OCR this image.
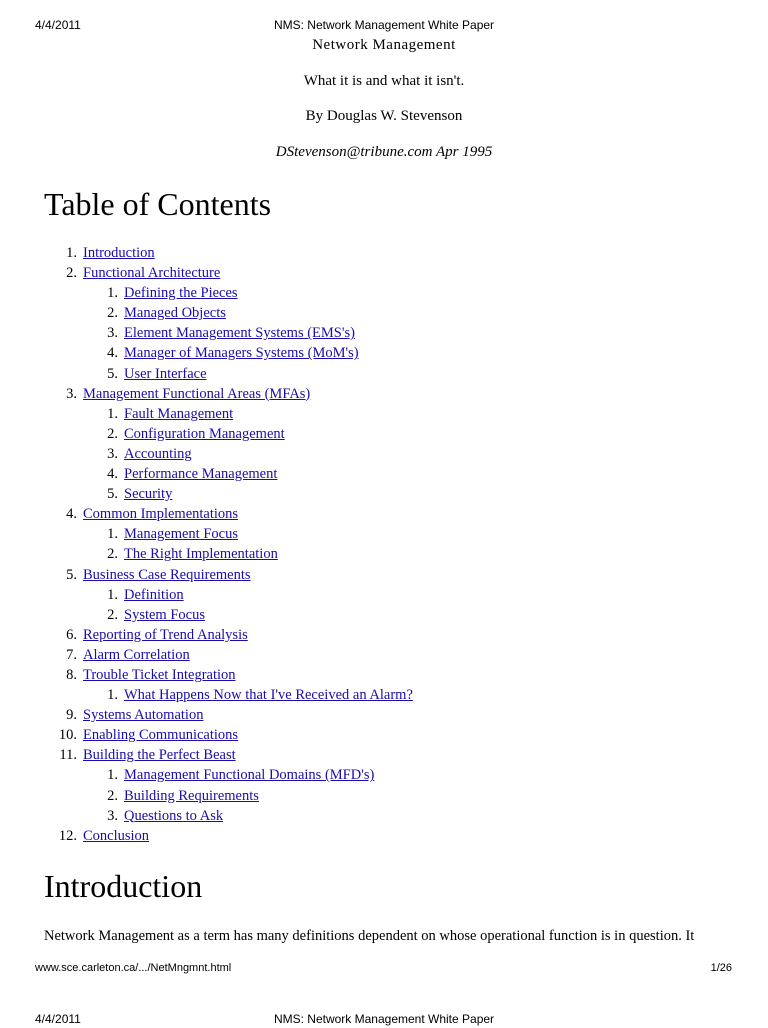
4/4/2011	NMS: Network Management White Paper
Network Management
What it is and what it isn't.
By Douglas W. Stevenson
DStevenson@tribune.com Apr 1995
Table of Contents
1. Introduction
2. Functional Architecture
1. Defining the Pieces
2. Managed Objects
3. Element Management Systems (EMS's)
4. Manager of Managers Systems (MoM's)
5. User Interface
3. Management Functional Areas (MFAs)
1. Fault Management
2. Configuration Management
3. Accounting
4. Performance Management
5. Security
4. Common Implementations
1. Management Focus
2. The Right Implementation
5. Business Case Requirements
1. Definition
2. System Focus
6. Reporting of Trend Analysis
7. Alarm Correlation
8. Trouble Ticket Integration
1. What Happens Now that I've Received an Alarm?
9. Systems Automation
10. Enabling Communications
11. Building the Perfect Beast
1. Management Functional Domains (MFD's)
2. Building Requirements
3. Questions to Ask
12. Conclusion
Introduction
Network Management as a term has many definitions dependent on whose operational function is in question. It
www.sce.carleton.ca/.../NetMngmnt.html	1/26
4/4/2011	NMS: Network Management White Paper
